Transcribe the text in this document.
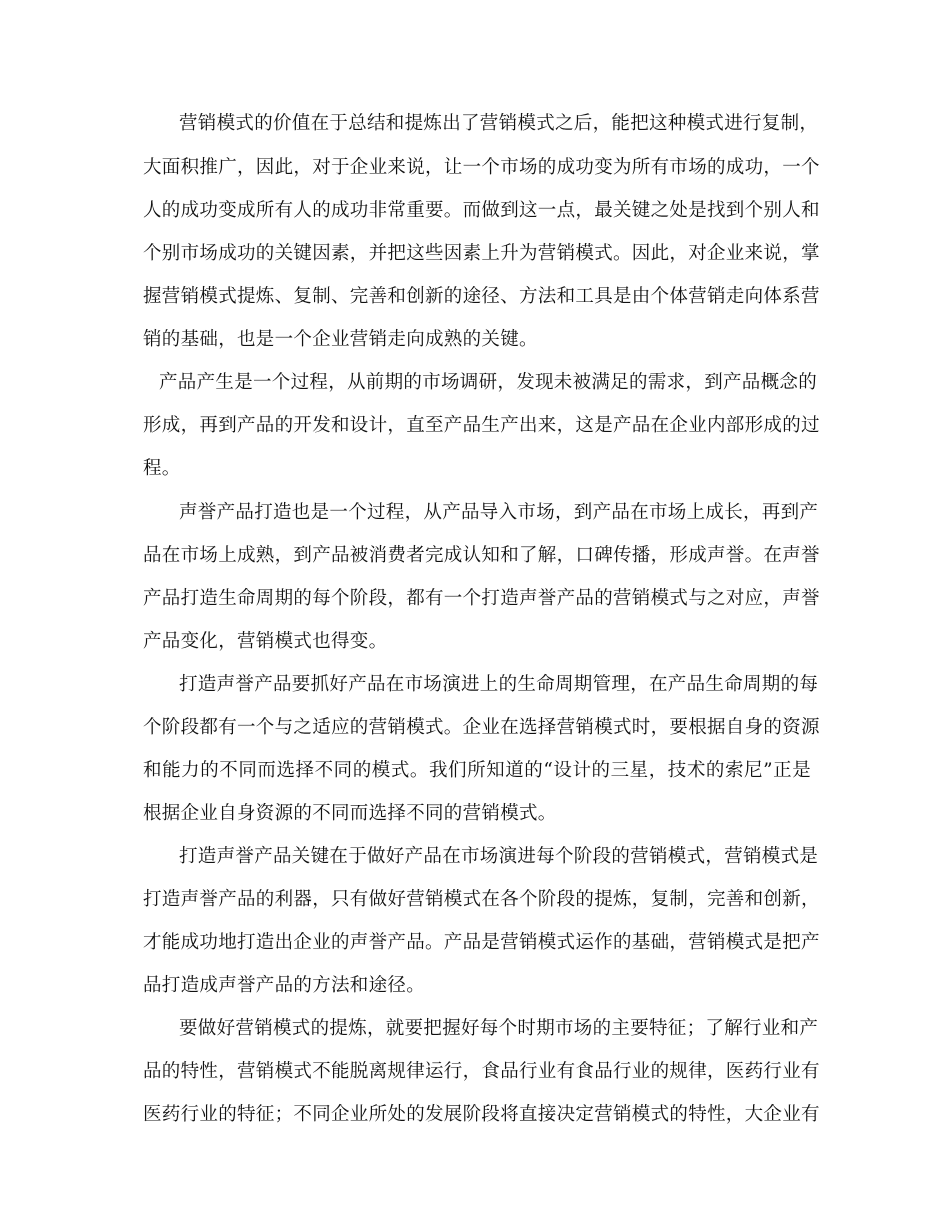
营销模式的价值在于总结和提炼出了营销模式之后，能把这种模式进行复制，
大面积推广，因此，对于企业来说，让一个市场的成功变为所有市场的成功，一个
人的成功变成所有人的成功非常重要。而做到这一点，最关键之处是找到个别人和
个别市场成功的关键因素，并把这些因素上升为营销模式。因此，对企业来说，掌
握营销模式提炼、复制、完善和创新的途径、方法和工具是由个体营销走向体系营
销的基础，也是一个企业营销走向成熟的关键。
产品产生是一个过程，从前期的市场调研，发现未被满足的需求，到产品概念的
形成，再到产品的开发和设计，直至产品生产出来，这是产品在企业内部形成的过
程。
声誉产品打造也是一个过程，从产品导入市场，到产品在市场上成长，再到产
品在市场上成熟，到产品被消费者完成认知和了解，口碑传播，形成声誉。在声誉
产品打造生命周期的每个阶段，都有一个打造声誉产品的营销模式与之对应，声誉
产品变化，营销模式也得变。
打造声誉产品要抓好产品在市场演进上的生命周期管理，在产品生命周期的每
个阶段都有一个与之适应的营销模式。企业在选择营销模式时，要根据自身的资源
和能力的不同而选择不同的模式。我们所知道的“设计的三星，技术的索尼”正是
根据企业自身资源的不同而选择不同的营销模式。
打造声誉产品关键在于做好产品在市场演进每个阶段的营销模式，营销模式是
打造声誉产品的利器，只有做好营销模式在各个阶段的提炼，复制，完善和创新，
才能成功地打造出企业的声誉产品。产品是营销模式运作的基础，营销模式是把产
品打造成声誉产品的方法和途径。
要做好营销模式的提炼，就要把握好每个时期市场的主要特征；了解行业和产
品的特性，营销模式不能脱离规律运行，食品行业有食品行业的规律，医药行业有
医药行业的特征；不同企业所处的发展阶段将直接决定营销模式的特性，大企业有
